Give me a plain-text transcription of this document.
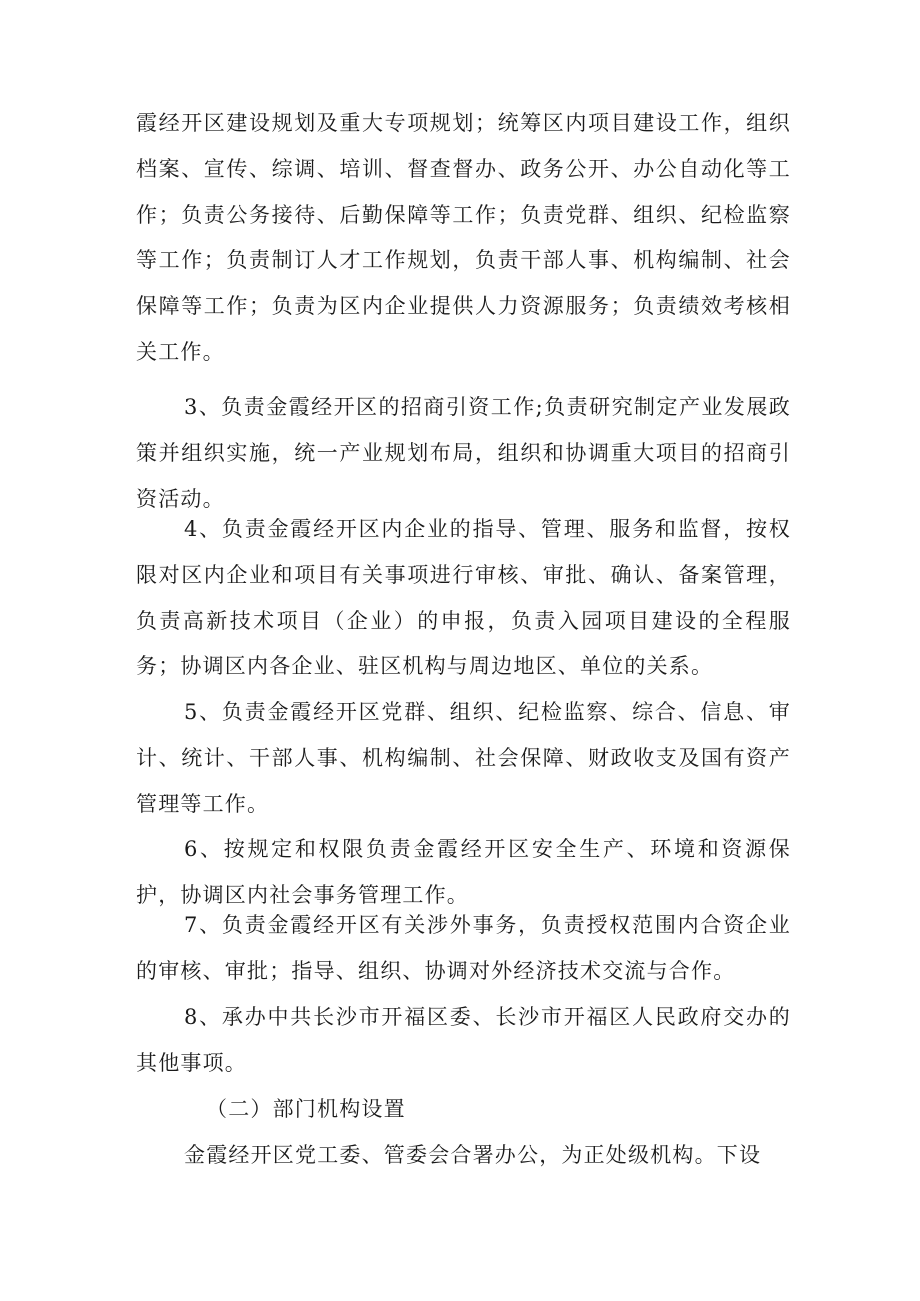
霞经开区建设规划及重大专项规划；统筹区内项目建设工作，组织档案、宣传、综调、培训、督查督办、政务公开、办公自动化等工作；负责公务接待、后勤保障等工作；负责党群、组织、纪检监察等工作；负责制订人才工作规划，负责干部人事、机构编制、社会保障等工作；负责为区内企业提供人力资源服务；负责绩效考核相关工作。

3、负责金霞经开区的招商引资工作;负责研究制定产业发展政策并组织实施，统一产业规划布局，组织和协调重大项目的招商引资活动。

4、负责金霞经开区内企业的指导、管理、服务和监督，按权限对区内企业和项目有关事项进行审核、审批、确认、备案管理，负责高新技术项目（企业）的申报，负责入园项目建设的全程服务；协调区内各企业、驻区机构与周边地区、单位的关系。

5、负责金霞经开区党群、组织、纪检监察、综合、信息、审计、统计、干部人事、机构编制、社会保障、财政收支及国有资产管理等工作。

6、按规定和权限负责金霞经开区安全生产、环境和资源保护，协调区内社会事务管理工作。

7、负责金霞经开区有关涉外事务，负责授权范围内合资企业的审核、审批；指导、组织、协调对外经济技术交流与合作。

8、承办中共长沙市开福区委、长沙市开福区人民政府交办的其他事项。

（二）部门机构设置

金霞经开区党工委、管委会合署办公，为正处级机构。下设
